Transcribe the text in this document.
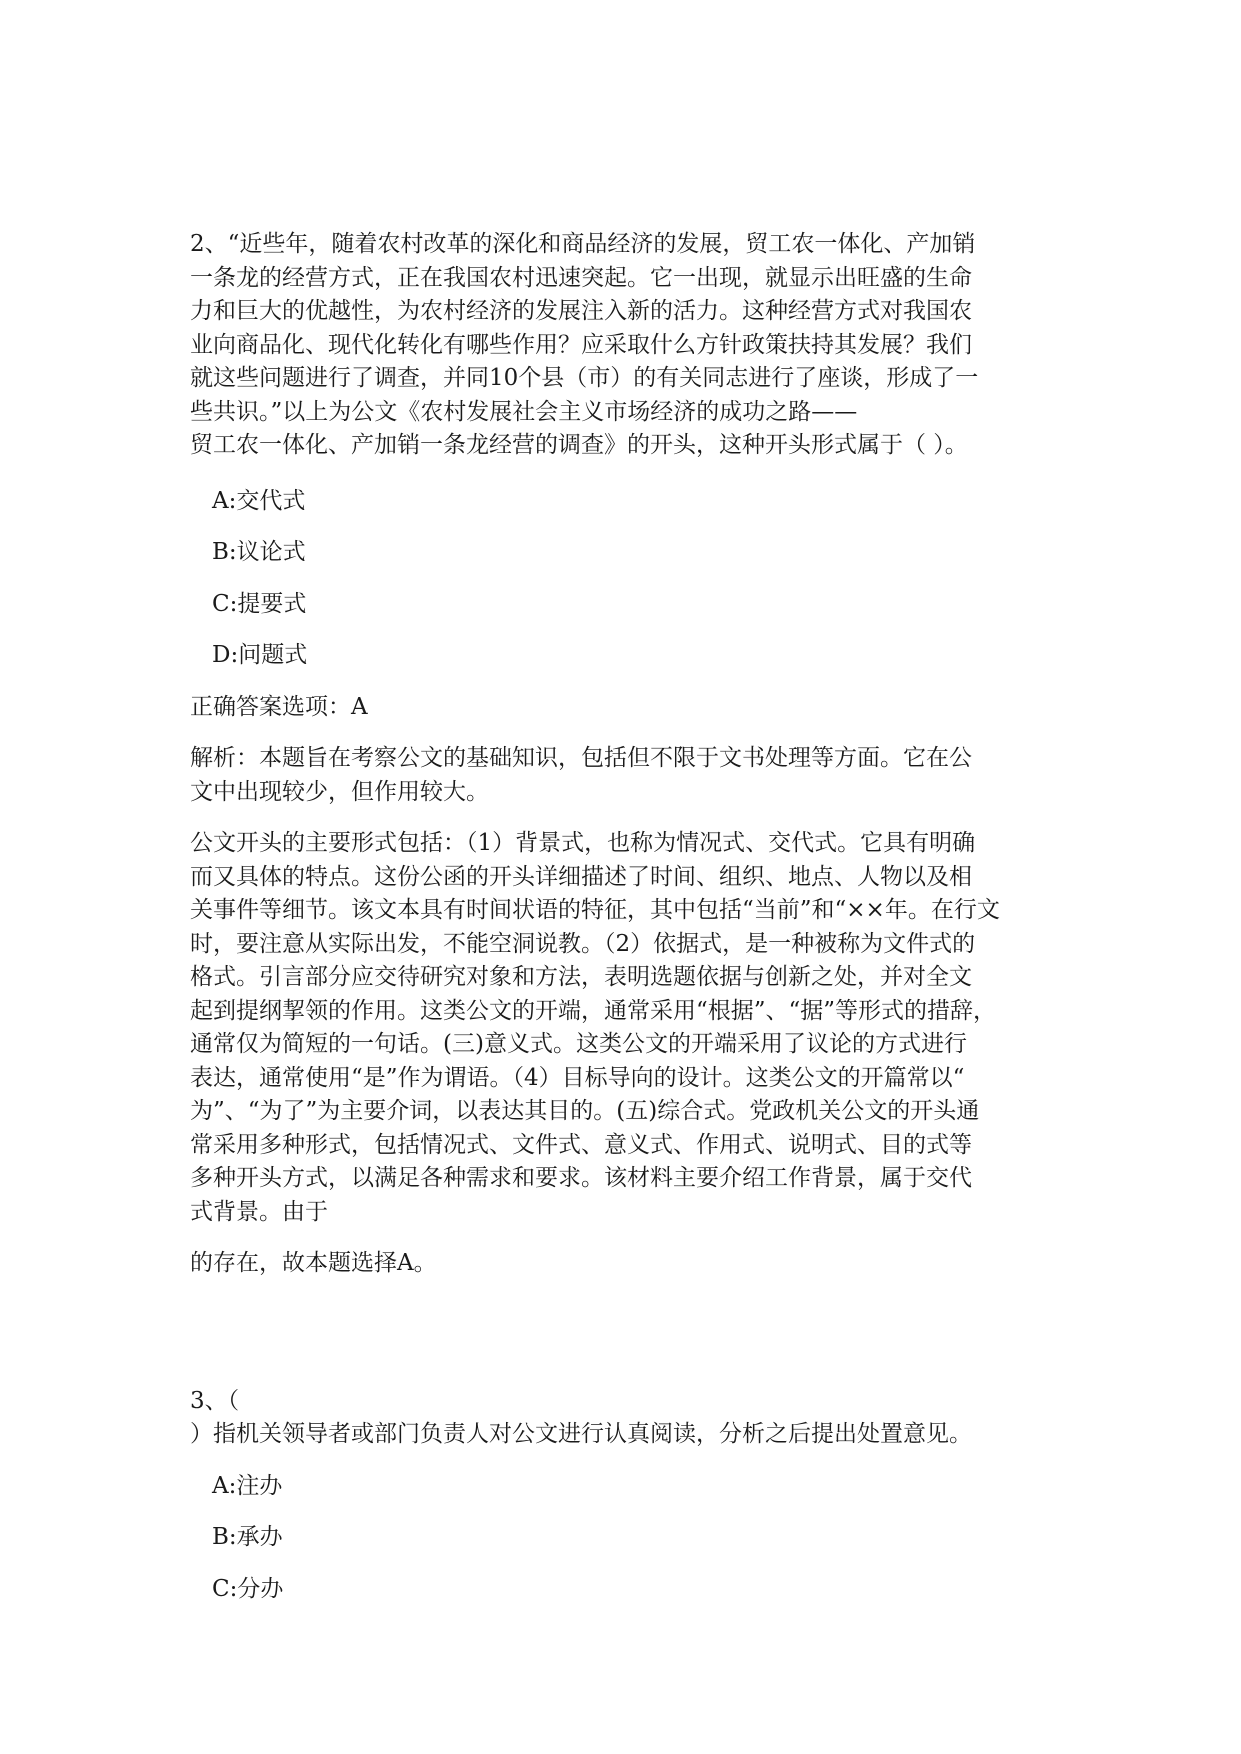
2、“近些年，随着农村改革的深化和商品经济的发展，贸工农一体化、产加销
一条龙的经营方式，正在我国农村迅速突起。它一出现，就显示出旺盛的生命
力和巨大的优越性，为农村经济的发展注入新的活力。这种经营方式对我国农
业向商品化、现代化转化有哪些作用？应采取什么方针政策扶持其发展？我们
就这些问题进行了调查，并同10个县（市）的有关同志进行了座谈，形成了一
些共识。”以上为公文《农村发展社会主义市场经济的成功之路——
贸工农一体化、产加销一条龙经营的调查》的开头，这种开头形式属于（ ）。

A:交代式

B:议论式

C:提要式

D:问题式

正确答案选项：A

解析：本题旨在考察公文的基础知识，包括但不限于文书处理等方面。它在公
文中出现较少，但作用较大。

公文开头的主要形式包括：（1）背景式，也称为情况式、交代式。它具有明确
而又具体的特点。这份公函的开头详细描述了时间、组织、地点、人物以及相
关事件等细节。该文本具有时间状语的特征，其中包括“当前”和“××年。在行文
时，要注意从实际出发，不能空洞说教。（2）依据式，是一种被称为文件式的
格式。引言部分应交待研究对象和方法，表明选题依据与创新之处，并对全文
起到提纲挈领的作用。这类公文的开端，通常采用“根据”、“据”等形式的措辞，
通常仅为简短的一句话。(三)意义式。这类公文的开端采用了议论的方式进行
表达，通常使用“是”作为谓语。（4）目标导向的设计。这类公文的开篇常以“
为”、“为了”为主要介词，以表达其目的。(五)综合式。党政机关公文的开头通
常采用多种形式，包括情况式、文件式、意义式、作用式、说明式、目的式等
多种开头方式，以满足各种需求和要求。该材料主要介绍工作背景，属于交代
式背景。由于

的存在，故本题选择A。

3、（
）指机关领导者或部门负责人对公文进行认真阅读，分析之后提出处置意见。

A:注办

B:承办

C:分办
